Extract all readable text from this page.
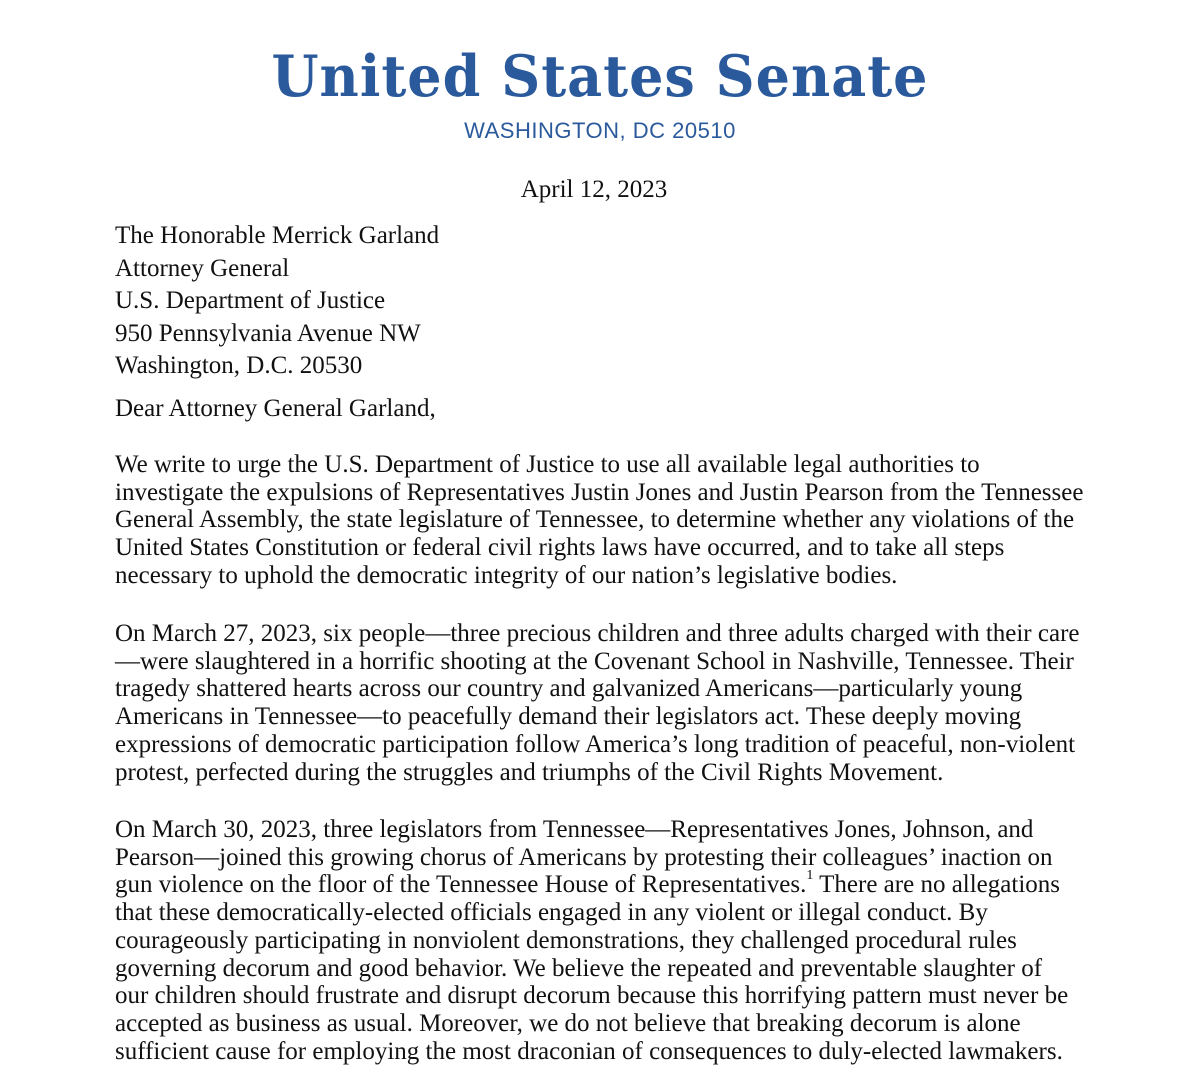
United States Senate
WASHINGTON, DC 20510
April 12, 2023
The Honorable Merrick Garland
Attorney General
U.S. Department of Justice
950 Pennsylvania Avenue NW
Washington, D.C. 20530
Dear Attorney General Garland,
We write to urge the U.S. Department of Justice to use all available legal authorities to
investigate the expulsions of Representatives Justin Jones and Justin Pearson from the Tennessee
General Assembly, the state legislature of Tennessee, to determine whether any violations of the
United States Constitution or federal civil rights laws have occurred, and to take all steps
necessary to uphold the democratic integrity of our nation’s legislative bodies.
On March 27, 2023, six people—three precious children and three adults charged with their care
—were slaughtered in a horrific shooting at the Covenant School in Nashville, Tennessee. Their
tragedy shattered hearts across our country and galvanized Americans—particularly young
Americans in Tennessee—to peacefully demand their legislators act. These deeply moving
expressions of democratic participation follow America’s long tradition of peaceful, non-violent
protest, perfected during the struggles and triumphs of the Civil Rights Movement.
On March 30, 2023, three legislators from Tennessee—Representatives Jones, Johnson, and
Pearson—joined this growing chorus of Americans by protesting their colleagues’ inaction on
gun violence on the floor of the Tennessee House of Representatives.$^1$ There are no allegations
that these democratically-elected officials engaged in any violent or illegal conduct. By
courageously participating in nonviolent demonstrations, they challenged procedural rules
governing decorum and good behavior. We believe the repeated and preventable slaughter of
our children should frustrate and disrupt decorum because this horrifying pattern must never be
accepted as business as usual. Moreover, we do not believe that breaking decorum is alone
sufficient cause for employing the most draconian of consequences to duly-elected lawmakers.
